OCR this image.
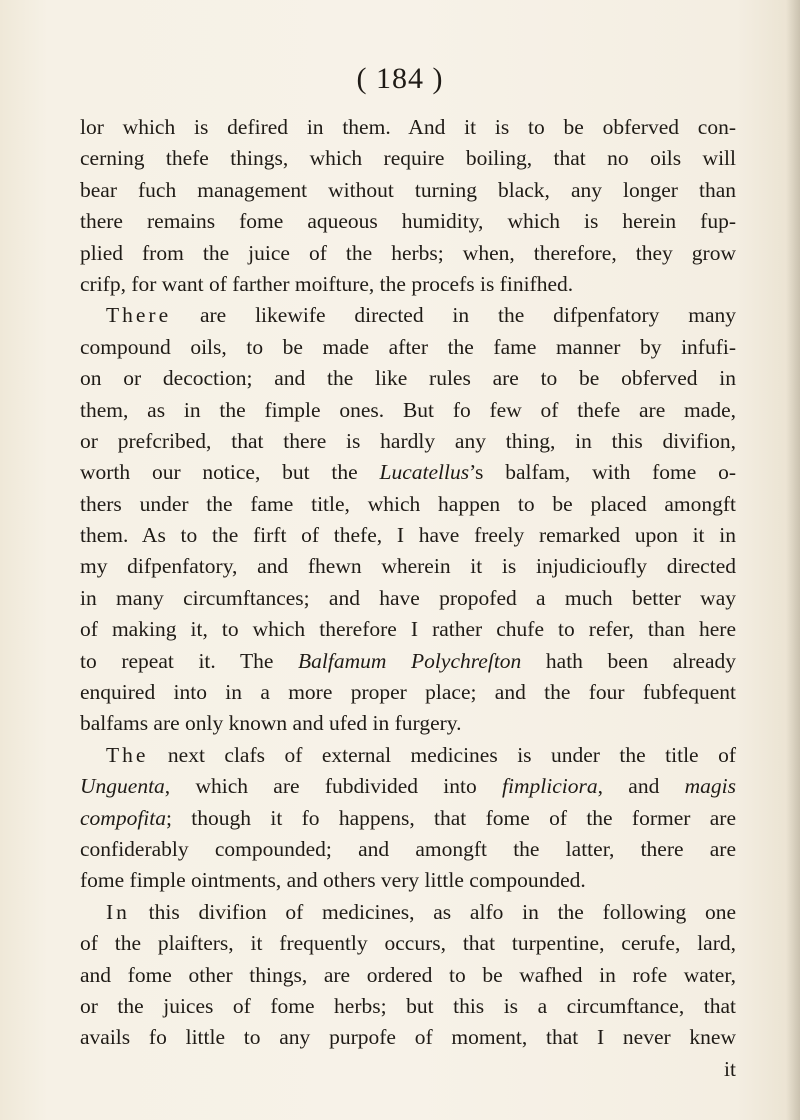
( 184 )
lor which is defired in them. And it is to be obferved con-
cerning thefe things, which require boiling, that no oils will
bear fuch management without turning black, any longer than
there remains fome aqueous humidity, which is herein fup-
plied from the juice of the herbs; when, therefore, they grow
crifp, for want of farther moifture, the procefs is finifhed.
There are likewife directed in the difpenfatory many
compound oils, to be made after the fame manner by infufi-
on or decoction; and the like rules are to be obferved in
them, as in the fimple ones. But fo few of thefe are made,
or prefcribed, that there is hardly any thing, in this divifion,
worth our notice, but the Lucatellus’s balfam, with fome o-
thers under the fame title, which happen to be placed amongft
them. As to the firft of thefe, I have freely remarked upon it in
my difpenfatory, and fhewn wherein it is injudicioufly directed
in many circumftances; and have propofed a much better way
of making it, to which therefore I rather chufe to refer, than here
to repeat it. The Balfamum Polychreſton hath been already
enquired into in a more proper place; and the four fubfequent
balfams are only known and ufed in furgery.
The next clafs of external medicines is under the title of
Unguenta, which are fubdivided into fimpliciora, and magis
compofita; though it fo happens, that fome of the former are
confiderably compounded; and amongft the latter, there are
fome fimple ointments, and others very little compounded.
In this divifion of medicines, as alfo in the following one
of the plaifters, it frequently occurs, that turpentine, cerufe, lard,
and fome other things, are ordered to be wafhed in rofe water,
or the juices of fome herbs; but this is a circumftance, that
avails fo little to any purpofe of moment, that I never knew
it
